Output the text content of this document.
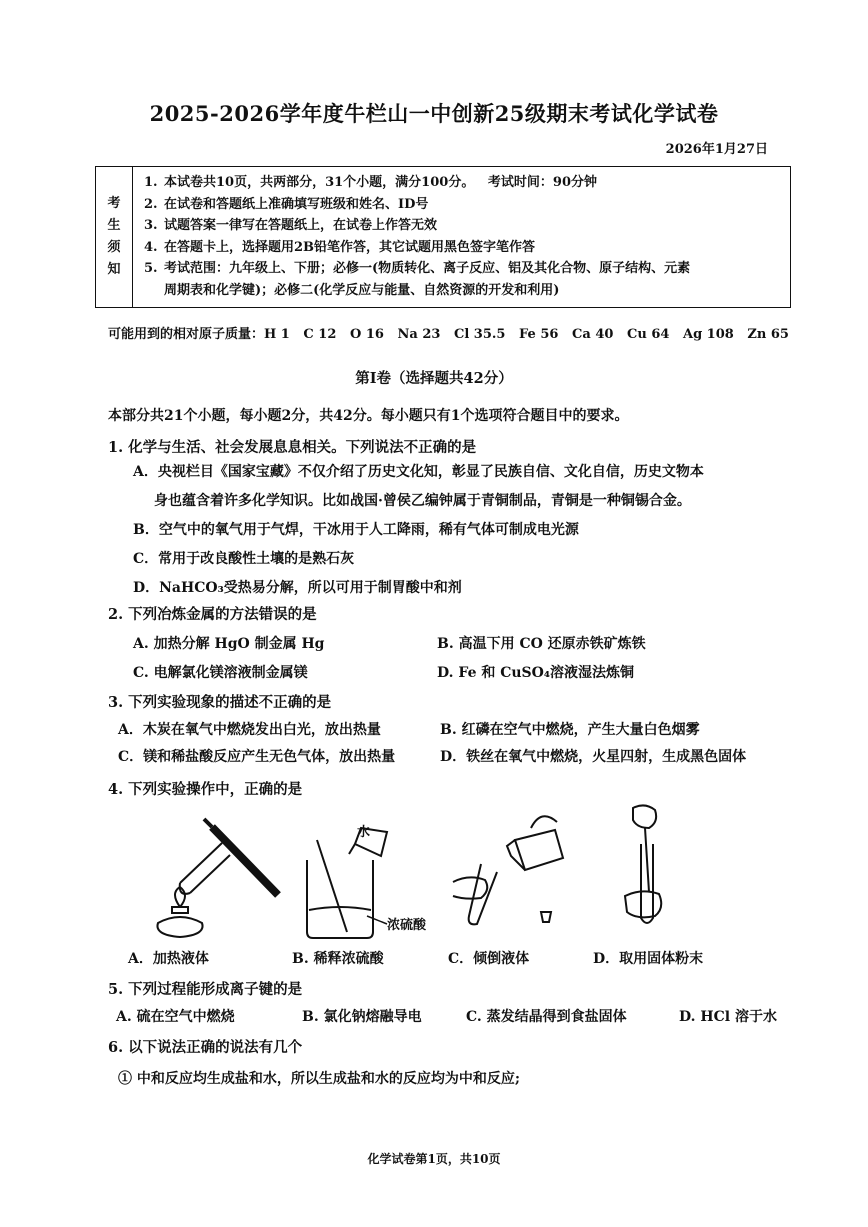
2025-2026学年度牛栏山一中创新25级期末考试化学试卷
2026年1月27日
考
生
须
知
1. 本试卷共10页，共两部分，31个小题，满分100分。   考试时间：90分钟
2. 在试卷和答题纸上准确填写班级和姓名、ID号
3. 试题答案一律写在答题纸上，在试卷上作答无效
4. 在答题卡上，选择题用2B铅笔作答，其它试题用黑色签字笔作答
5. 考试范围：九年级上、下册；必修一(物质转化、离子反应、铝及其化合物、原子结构、元素
周期表和化学键)；必修二(化学反应与能量、自然资源的开发和利用)
可能用到的相对原子质量：H 1   C 12   O 16   Na 23   Cl 35.5   Fe 56   Ca 40   Cu 64   Ag 108   Zn 65
第I卷（选择题共42分）
本部分共21个小题，每小题2分，共42分。每小题只有1个选项符合题目中的要求。
1. 化学与生活、社会发展息息相关。下列说法不正确的是
A．央视栏目《国家宝藏》不仅介绍了历史文化知，彰显了民族自信、文化自信，历史文物本
身也蕴含着许多化学知识。比如战国·曾侯乙编钟属于青铜制品，青铜是一种铜锡合金。
B．空气中的氧气用于气焊，干冰用于人工降雨，稀有气体可制成电光源
C．常用于改良酸性土壤的是熟石灰
D．NaHCO₃受热易分解，所以可用于制胃酸中和剂
2. 下列冶炼金属的方法错误的是
A. 加热分解 HgO 制金属 Hg	B. 高温下用 CO 还原赤铁矿炼铁
C. 电解氯化镁溶液制金属镁	D. Fe 和 CuSO₄溶液湿法炼铜
3. 下列实验现象的描述不正确的是
A．木炭在氧气中燃烧发出白光，放出热量	B. 红磷在空气中燃烧，产生大量白色烟雾
C．镁和稀盐酸反应产生无色气体，放出热量	D．铁丝在氧气中燃烧，火星四射，生成黑色固体
4. 下列实验操作中，正确的是
A．加热液体
水
浓硫酸
B. 稀释浓硫酸	C．倾倒液体	D．取用固体粉末
5. 下列过程能形成离子键的是
A. 硫在空气中燃烧	B. 氯化钠熔融导电	C. 蒸发结晶得到食盐固体	D. HCl 溶于水
6. 以下说法正确的说法有几个
① 中和反应均生成盐和水，所以生成盐和水的反应均为中和反应;
化学试卷第1页，共10页
